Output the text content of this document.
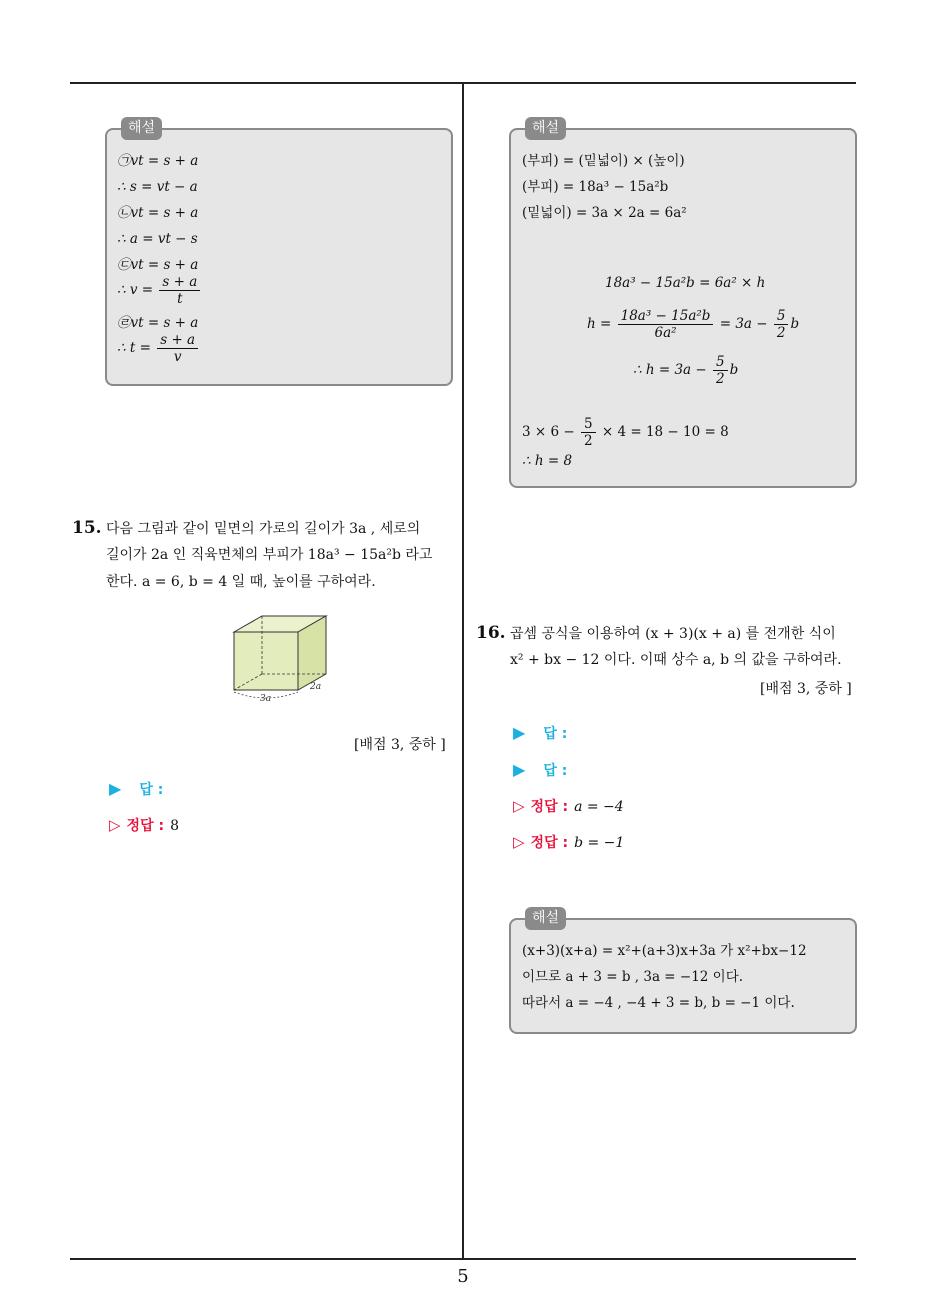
해설
㉠vt = s + a
∴ s = vt − a
㉡vt = s + a
∴ a = vt − s
㉢vt = s + a
∴ $v = \frac{s + a}{t}$
㉣vt = s + a
∴ $t = \frac{s + a}{v}$
해설
(부피) = (밑넓이) × (높이)
(부피) = 18a³ − 15a²b
(밑넓이) = 3a × 2a = 6a²
18a³ − 15a²b = 6a² × h
$h = \frac{\text{18a³ − 15a²b}}{\text{6a²}} = 3a - \frac{5}{2}$ b
∴ $h = 3a - \frac{5}{2}$ b
$3 \times 6 - \frac{5}{2} \times 4 = 18 - 10 = 8$
∴ h = 8
15. 다음 그림과 같이 밑면의 가로의 길이가 3a , 세로의
길이가 2a 인 직육면체의 부피가 18a³ − 15a²b 라고
한다. a = 6, b = 4 일 때, 높이를 구하여라.
3a
2a
[배점 3, 중하 ]
▶ 답 :
▷ 정답 : 8
16. 곱셈 공식을 이용하여 (x + 3)(x + a) 를 전개한 식이
x² + bx − 12 이다. 이때 상수 a, b 의 값을 구하여라.
[배점 3, 중하 ]
▶ 답 :
▶ 답 :
▷ 정답 : a = −4
▷ 정답 : b = −1
해설
(x+3)(x+a) = x²+(a+3)x+3a 가 x²+bx−12
이므로 a + 3 = b , 3a = −12 이다.
따라서 a = −4 , −4 + 3 = b, b = −1 이다.
5
